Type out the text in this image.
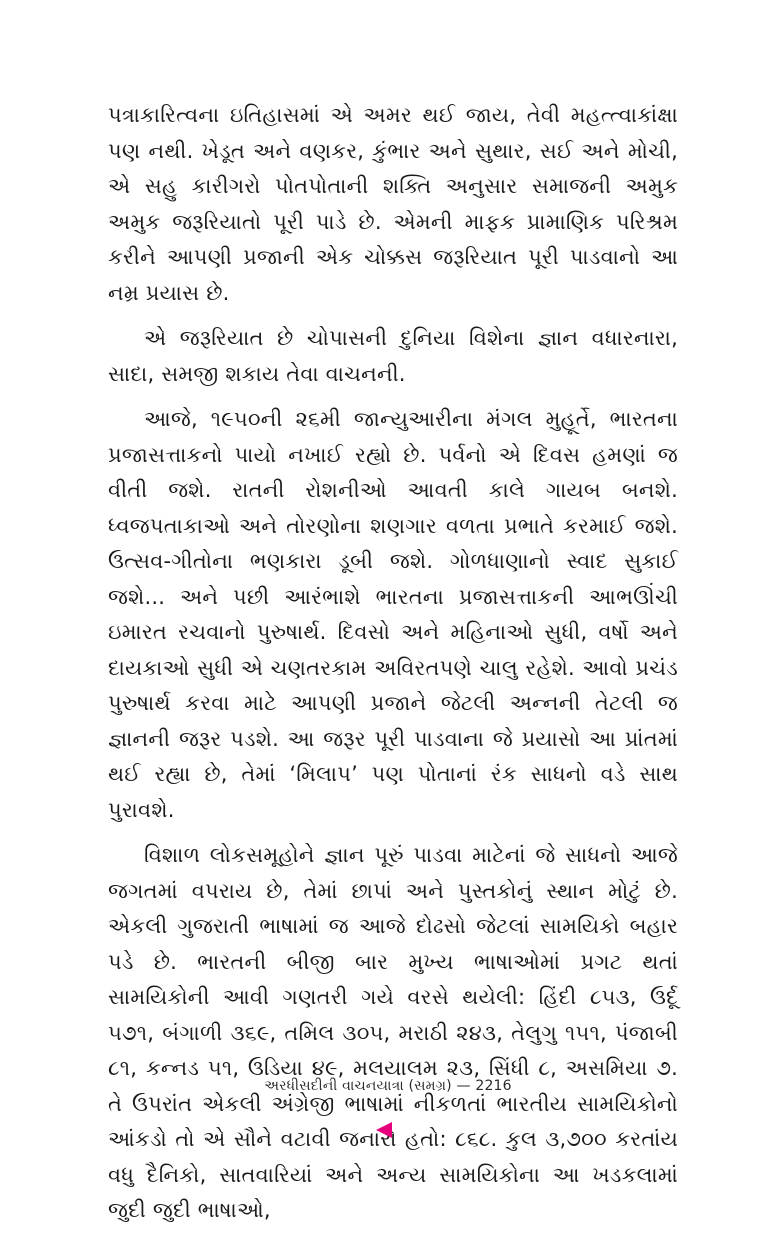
પત્રાકારિત્વના ઇતિહાસમાં એ અમર થઈ જાય, તેવી મહત્ત્વાકાંક્ષા પણ નથી. ખેડૂત અને વણકર, કુંભાર અને સુથાર, સઈ અને મોચી, એ સહુ કારીગરો પોતપોતાની શક્તિ અનુસાર સમાજની અમુક અમુક જરૂરિયાતો પૂરી પાડે છે. એમની માફક પ્રામાણિક પરિશ્રમ કરીને આપણી પ્રજાની એક ચોક્કસ જરૂરિયાત પૂરી પાડવાનો આ નમ્ર પ્રયાસ છે.

એ જરૂરિયાત છે ચોપાસની દુનિયા વિશેના જ્ઞાન વધારનારા, સાદા, સમજી શકાય તેવા વાચનની.

આજે, ૧૯૫૦ની ૨૬મી જાન્યુઆરીના મંગલ મુહૂર્તે, ભારતના પ્રજાસત્તાકનો પાયો નખાઈ રહ્યો છે. પર્વનો એ દિવસ હમણાં જ વીતી જશે. રાતની રોશનીઓ આવતી કાલે ગાયબ બનશે. ધ્વજપતાકાઓ અને તોરણોના શણગાર વળતા પ્રભાતે કરમાઈ જશે. ઉત્સવ-ગીતોના ભણકારા ડૂબી જશે. ગોળધાણાનો સ્વાદ સુકાઈ જશે... અને પછી આરંભાશે ભારતના પ્રજાસત્તાકની આભઊંચી ઇમારત રચવાનો પુરુષાર્થ. દિવસો અને મહિનાઓ સુધી, વર્ષો અને દાયકાઓ સુધી એ ચણતરકામ અવિરતપણે ચાલુ રહેશે. આવો પ્રચંડ પુરુષાર્થ કરવા માટે આપણી પ્રજાને જેટલી અન્નની તેટલી જ જ્ઞાનની જરૂર પડશે. આ જરૂર પૂરી પાડવાના જે પ્રયાસો આ પ્રાંતમાં થઈ રહ્યા છે, તેમાં ‘મિલાપ’ પણ પોતાનાં રંક સાધનો વડે સાથ પુરાવશે.

વિશાળ લોકસમૂહોને જ્ઞાન પૂરું પાડવા માટેનાં જે સાધનો આજે જગતમાં વપરાય છે, તેમાં છાપાં અને પુસ્તકોનું સ્થાન મોટું છે. એકલી ગુજરાતી ભાષામાં જ આજે દોઢસો જેટલાં સામયિકો બહાર પડે છે. ભારતની બીજી બાર મુખ્ય ભાષાઓમાં પ્રગટ થતાં સામયિકોની આવી ગણતરી ગયે વરસે થયેલી: હિંદી ૮૫૩, ઉર્દૂ ૫૭૧, બંગાળી ૩૬૯, તમિલ ૩૦૫, મરાઠી ૨૪૩, તેલુગુ ૧૫૧, પંજાબી ૮૧, કન્નડ ૫૧, ઉડિયા ૪૯, મલયાલમ ૨૩, સિંધી ૮, અસમિયા ૭. તે ઉપરાંત એકલી અંગ્રેજી ભાષામાં નીકળતાં ભારતીય સામયિકોનો આંકડો તો એ સૌને વટાવી જનારો હતો: ૮૬૮. કુલ ૩,૭૦૦ કરતાંય વધુ દૈનિકો, સાતવારિયાં અને અન્ય સામયિકોના આ ખડકલામાં જુદી જુદી ભાષાઓ,

અરધીસદીની વાચનયાત્રા (સમગ્ર) — 2216
